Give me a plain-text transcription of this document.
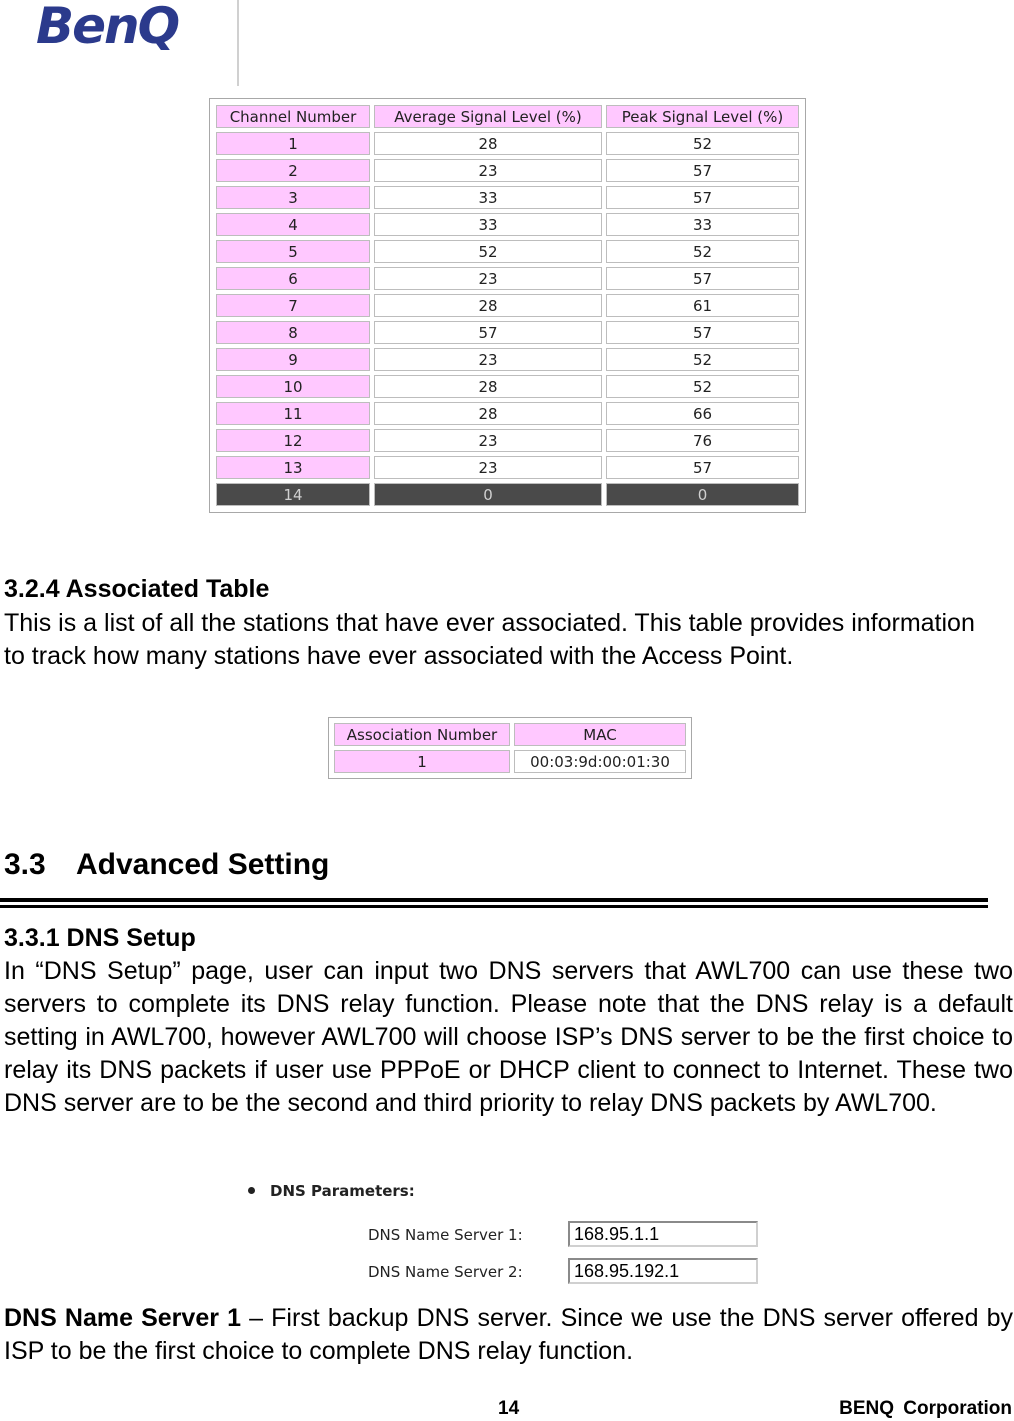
BenQ
Channel Number	Average Signal Level (%)	Peak Signal Level (%)
1	28	52
2	23	57
3	33	57
4	33	33
5	52	52
6	23	57
7	28	61
8	57	57
9	23	52
10	28	52
11	28	66
12	23	76
13	23	57
14	0	0
3.2.4 Associated Table
This is a list of all the stations that have ever associated. This table provides information to track how many stations have ever associated with the Access Point.
Association Number	MAC
1	00:03:9d:00:01:30
3.3 Advanced Setting
3.3.1 DNS Setup
In “DNS Setup” page, user can input two DNS servers that AWL700 can use these two servers to complete its DNS relay function. Please note that the DNS relay is a default setting in AWL700, however AWL700 will choose ISP’s DNS server to be the first choice to relay its DNS packets if user use PPPoE or DHCP client to connect to Internet. These two DNS server are to be the second and third priority to relay DNS packets by AWL700.
DNS Parameters:
DNS Name Server 1:	168.95.1.1
DNS Name Server 2:	168.95.192.1
DNS Name Server 1 – First backup DNS server. Since we use the DNS server offered by ISP to be the first choice to complete DNS relay function.
14	BENQ Corporation
